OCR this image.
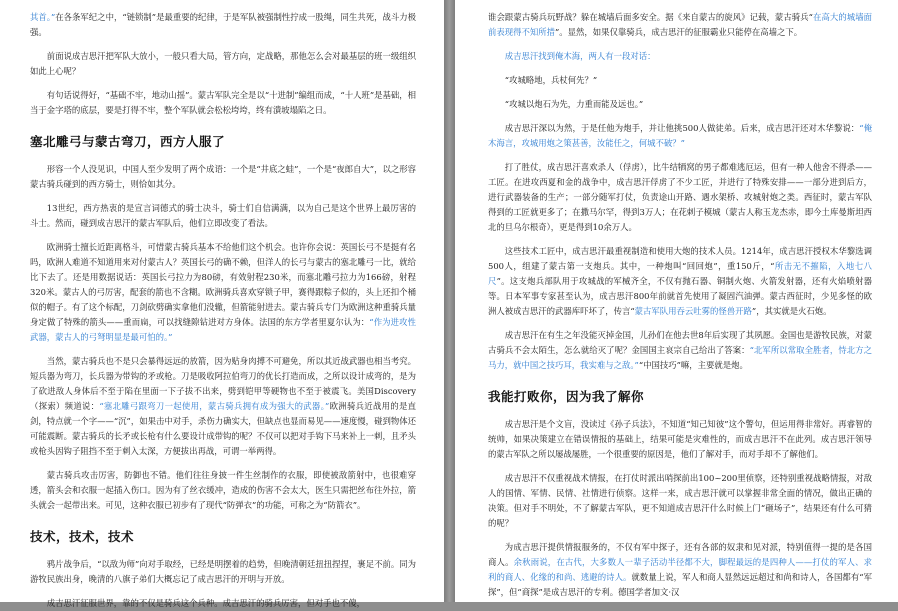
其首。”在各条军纪之中，“链锁制”是最重要的纪律，于是军队被强制性拧成一股绳，同生共死，战斗力极强。

前面说成吉思汗把军队大放小，一般只看大局，管方向，定战略，那他怎么会对最基层的班一级组织如此上心呢？

有句话说得好，“基础不牢，地动山摇”。蒙古军队完全是以“十进制”编组而成，“十人班”是基础，相当于金字塔的底层，要是打得不牢，整个军队就会松松垮垮，终有潰坡塌陷之日。

塞北雕弓与蒙古弯刀，西方人服了

形容一个人没见识，中国人至少发明了两个成语：一个是“井底之蛙”，一个是“夜郎自大”，以之形容蒙古骑兵碰到的西方骑士，则恰如其分。

13世纪，西方热衷的是宣言词德式的骑士决斗，骑士们自信满满，以为自己是这个世界上最厉害的斗士。然而，碰到成吉思汗的蒙古军队后，他们立即改变了看法。

欧洲骑士擅长近距离格斗，可惜蒙古骑兵基本不给他们这个机会。也许你会说：英国长弓不是挺有名吗，欧洲人难道不知道用来对付蒙古人？英国长弓的确不赖，但洋人的长弓与蒙古的塞北雕弓一比，就给比下去了。还是用数据说话：英国长弓拉力为80磅，有效射程230米，而塞北雕弓拉力为166磅，射程320米。蒙古人的弓厉害，配套的箭也不含糊。欧洲骑兵喜欢穿锁子甲，赛得跟粽子似的，头上还扣个桶似的帽子。有了这个标配，刀剑砍劈确实拿他们没辙，但箭能射进去。蒙古骑兵专门为欧洲这种重骑兵量身定做了特殊的箭头——重而扁，可以找缝隙钻进对方身体。法国的东方学者里夏尔认为：“作为进攻性武器，蒙古人的弓弩明显是最可怕的。”

当然，蒙古骑兵也不是只会暴得远远的放箭，因为贴身肉搏不可避免，所以其近战武器也相当考究。短兵器为弯刀，长兵器为带钩的矛或枪。刀是吸收阿拉伯弯刀的优长打造而成，之所以设计成弯的，是为了砍进敌人身体后不至于陷在里面一下子拔不出来，劈到铠甲等硬物也不至于被震飞。美国Discovery（探索）频道说：“塞北雕弓跟弯刀一起使用，蒙古骑兵拥有成为强大的武器。”欧洲骑兵近战用的是直剑，特点就一个字——“沉”，如果击中对手，杀伤力确实大，但缺点也显而易见——速度慢，碰到物体还可能震断。蒙古骑兵的长矛或长枪有什么要设计成带钩的呢？不仅可以把对手钩下马来补上一刺，且矛头或枪头因钩子阻挡不至于刺入太深，方便拔出再战，可谓一举两得。

蒙古骑兵攻击厉害，防御也不错。他们往往身披一件生丝制作的衣服，即使被敌箭射中，也很难穿透，箭头会和衣服一起插入伤口。因为有了丝衣缓冲，造成的伤害不会太大，医生只需把丝布往外拉，箭头就会一起带出来。可见，这种衣服已初步有了现代“防弹衣”的功能，可称之为“防箭衣”。

技术，技术，技术

鸦片战争后，“以敌为师”向对手取经，已经是明摆着的趋势，但晚清朝廷扭扭捏捏，裹足不前。同为游牧民族出身，晚清的八旗子弟们大概忘记了成吉思汗的开明与开放。

成吉思汗征服世界，靠的不仅是骑兵这个兵种。成吉思汗的骑兵厉害，但对手也不傻，

谁会跟蒙古骑兵玩野战？躲在城墙后面多安全。据《来自蒙古的旋风》记载，蒙古骑兵“在高大的城墙面前表现得不知所措”。显然，如果仅靠骑兵，成吉思汗的征服霸业只能停在高墙之下。

成吉思汗找到俺木海，两人有一段对话：

“攻城略地，兵杖何先？”

“攻城以炮石为先，力重而能及远也。”

成吉思汗深以为然，于是任他为炮手，并让他挑500人做徒弟。后来，成吉思汗还对木华黎说：“俺木海言，攻城用炮之策甚善，汝能任之，何城不破？”

打了胜仗，成吉思汗喜欢杀人（俘虏），比牛结牺窝的男子都难逃厄运，但有一种人他舍不得杀——工匠。在进攻西夏和金的战争中，成吉思汗俘虏了不少工匠，并进行了特殊安排——一部分进到后方，进行武器装备的生产；一部分随军打仗，负责途山开路、遇水架桥、攻城射炮之类。西征时，蒙古军队得到的工匠就更多了；在撒马尔罕，得到3万人；在花剌子模城（蒙古人称玉龙杰赤，即今土库曼斯坦西北的旦乌尔根奇），更是得到10余万人。

这些技术工匠中，成吉思汗最重视制造和使用大炮的技术人员。1214年，成吉思汗授权木华黎选调500人，组建了蒙古第一支炮兵。其中，一种炮叫“回回炮”，重150斤，“所击无不摧陷，入地七八尺”。这支炮兵部队用于攻城战的军械齐全，不仅有抛石器、铜制火炮、火箭发射器，还有火焰喷射器等。日本军事专家甚至认为，成吉思汗800年前就首先使用了凝固汽油弹。蒙古西征时，少见多怪的欧洲人被成吉思汗的武器库吓坏了，传言“蒙古军队用吞云吐雾的怪兽开路”，其实就是火石炮。

成吉思汗在有生之年没能灭掉金国，儿孙们在他去世8年后实现了其夙愿。金国也是游牧民族，对蒙古骑兵不会太陌生，怎么就给灭了呢？金国国主哀宗自己给出了答案：“北军所以常取全胜者，恃北方之马力，就中国之技巧耳，我实难与之敌。”“中国技巧”嘛，主要就是炮。

我能打败你，因为我了解你

成吉思汗是个文盲，没读过《孙子兵法》，不知道“知己知彼”这个警句，但运用得非常好。再睿智的统帅，如果决策建立在错误情报的基础上，结果可能是灾难性的，而成吉思汗不在此列。成吉思汗领导的蒙古军队之所以屡战屡胜，一个很重要的原因是，他们了解对手，而对手却不了解他们。

成吉思汗不仅重视战术情报，在打仗时派出哨探前出100~200里侦察，还特别重视战略情报，对敌人的国情、军情、民情、社情进行侦察。这样一来，成吉思汗就可以掌握非常全面的情况，做出正确的决策。但对手不明处，不了解蒙古军队，更不知道成吉思汗什么时候上门“砸场子”，结果还有什么可猜的呢？

为成吉思汗提供情报服务的，不仅有军中探子，还有各部的奴隶和见对派，特别值得一提的是各国商人。余秋雨说，在古代，大多数人一辈子活动半径都不大，脚程最远的是四种人——打仗的军人、求利的商人、化缘的和尚、逃避的诗人。就数量上说，军人和商人显然远远超过和尚和诗人，各国都有“军探”，但“商探”是成吉思汗的专利。德国学者加文·汉
